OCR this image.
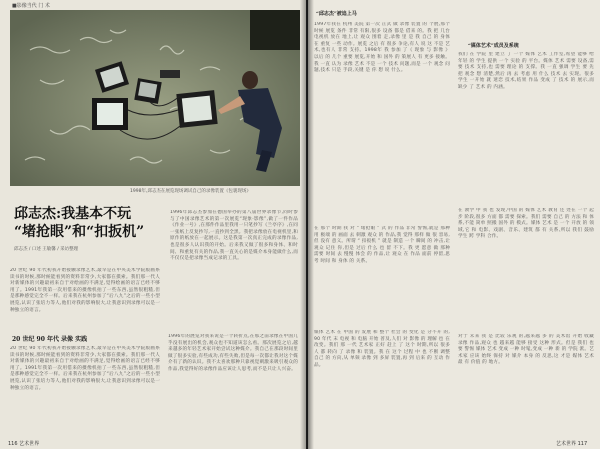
■影像当代 门 术
1998年,邱志杰在展览现场调试自己的录像装置《包裹现场》
邱志杰:我基本不玩
“堵抢眼”和“扣扳机”
邱志杰 / 口述 王敏馨 / 采访整理
1996年邱志杰参加在德国举办的第八届世界录像节,同时参与了中国录像艺术的第一次展览“现象·影像”,做了一件作品《作业一号》,在那件作品里我用一只笔抄写《兰亭序》,在同一张纸上反复抄写,一直抄到全黑。我把录像放在电视机里,和原作的纸放在一起展示。这是我第一次真正完成的录像作品,也是很多人认识我的开始。后来我又做了很多和身体、和时间、和重复有关的作品,我一直关心的是媒介本身能做什么,而不仅仅是把录像当成记录的工具。
20 世纪 90 年代初我开始接触录像艺术,最早是在中央美术学院版画系读书的时候,那时候能看到的资料非常少,大家都在摸索。我们那一代人对新媒体的兴趣最初来自于对绘画的不满足,觉得绘画的语言已经不够用了。1991年我第一次用借来的摄像机拍了一些东西,虽然很粗糙,但是那种感觉完全不一样。后来我在杭州参加了“后八九”之后的一些小型展览,认识了张培力等人,他们对我的影响很大,让我意识到录像可以是一种独立的语言。
20 世纪 90 年代 录像 实践
20 世纪 90 年代初我开始接触录像艺术,最早是在中央美术学院版画系读书的时候,那时候能看到的资料非常少,大家都在摸索。我们那一代人对新媒体的兴趣最初来自于对绘画的不满足,觉得绘画的语言已经不够用了。1991年我第一次用借来的摄像机拍了一些东西,虽然很粗糙,但是那种感觉完全不一样。后来我在杭州参加了“后八九”之后的一些小型展览,认识了张培力等人,他们对我的影响很大,让我意识到录像可以是一种独立的语言。
1996年的展览对我来说是一个转折点,在那之前录像在中国几乎没有展出的机会,观众也不知道该怎么看。那次展览之后,越来越多的年轻艺术家开始尝试这种媒介。我自己在那段时间里做了很多实验,有些成功,有些失败,但是每一次都让我对这个媒介有了新的认识。我不太喜欢那种只靠视觉刺激来吸引观众的作品,我觉得好的录像作品应该让人思考,而不是只让人兴奋。
116 艺术世界
“邱志杰”被追上马
“媒体艺术”成员及系统
1997年我在 杭州 美院 第一次 正式 做 录像 装置 的 个展,那个 时候 展览 条件 非常 有限,很多 设备 都是 借来 的。我 把 几台 电视机 放在 地上,让 观众 围着 走,录像 里 是 我 自己 的 身体 在 重复 一些 动作。展览 之后 有 很多 争论,有人 说 这 不是 艺术,也有人 非常 支持。1998年 我 参加 了《 现象 与 影像 》 以后 的 几个 重要 展览,开始 和 国外 的 策展人 有 更多 接触。我 一直 认为 录像 艺术 不是 一个 技术 问题,而是 一个 观念 问题,技术 只是 手段,关键 是 你 想 说 什么。
在 那个 时期 我 对 “ 堵抢眼 ” 式 的 作品 非常 警惕,就是 那种 用 极端 的 画面 去 刺激 观众 的 作品,我 觉得 那样 做 很 容易,但 没有 意义。所谓 “ 扣扳机 ” 就是 制造 一个 瞬间 的 冲击,让 观众 记住 你,但是 过后 什么 也 留 不下。我 更 愿意 做 那种 需要 时间 去 慢慢 体会 的 作品,让 观众 在 作品 面前 停留,思考 时间 和 身体 的 关系。
媒体 艺术 在 中国 的 发展 和 整个 社会 的 变化 是 分不开 的,90 年代 末 电视 和 电脑 开始 普及,人们 对 影像 的 理解 也 在 改变。我们 那 一代 艺术家 正好 赶上 了 这个 时期,所以 很多 人 都 转向 了 录像 和 装置。我 在 这个 过程 中 也 不断 调整 自己 的 方向,从 单频 录像 到 多屏 装置,再 到 后来 的 互动 作品。
我们 在 学院 里 建立 了 一个 媒体 艺术 工作室,希望 能够 给 年轻 的 学生 提供 一个 实验 的 平台。媒体 艺术 需要 设备,需要 技术 支持,也 需要 理论 的 支撑。我 一直 强调 学生 要 先 把 观念 想 清楚,然后 再 去 考虑 用 什么 技术 去 实现。很多 学生 一开始 就 迷恋 技术,结果 作品 变成 了 技术 的 展示,而 缺少 了 艺术 的 内涵。
在 教学 中 我 也 发现,中国 的 媒体 艺术 教育 还 处在 一个 起步 阶段,很多 方面 都 需要 探索。我们 需要 自己 的 方法 和 体系,不能 简单 照搬 国外 的 模式。媒体 艺术 是 一个 开放 的 领域,它 和 电影、戏剧、音乐、建筑 都 有 关系,所以 我们 鼓励 学生 跨 学科 合作。
对于 未来 我 是 比较 乐观 的,越来越 多 的 美术馆 开始 收藏 录像 作品,观众 也 越来越 能够 接受 这种 形式。但是 我们 也 要 警惕 媒体 艺术 变成 一种 时髦,变成 一种 新 的 学院 派。艺术家 应该 始终 保持 对 媒介 本身 的 反思,这 才是 媒体 艺术 最 有 价值 的 地方。
艺术世界 117
